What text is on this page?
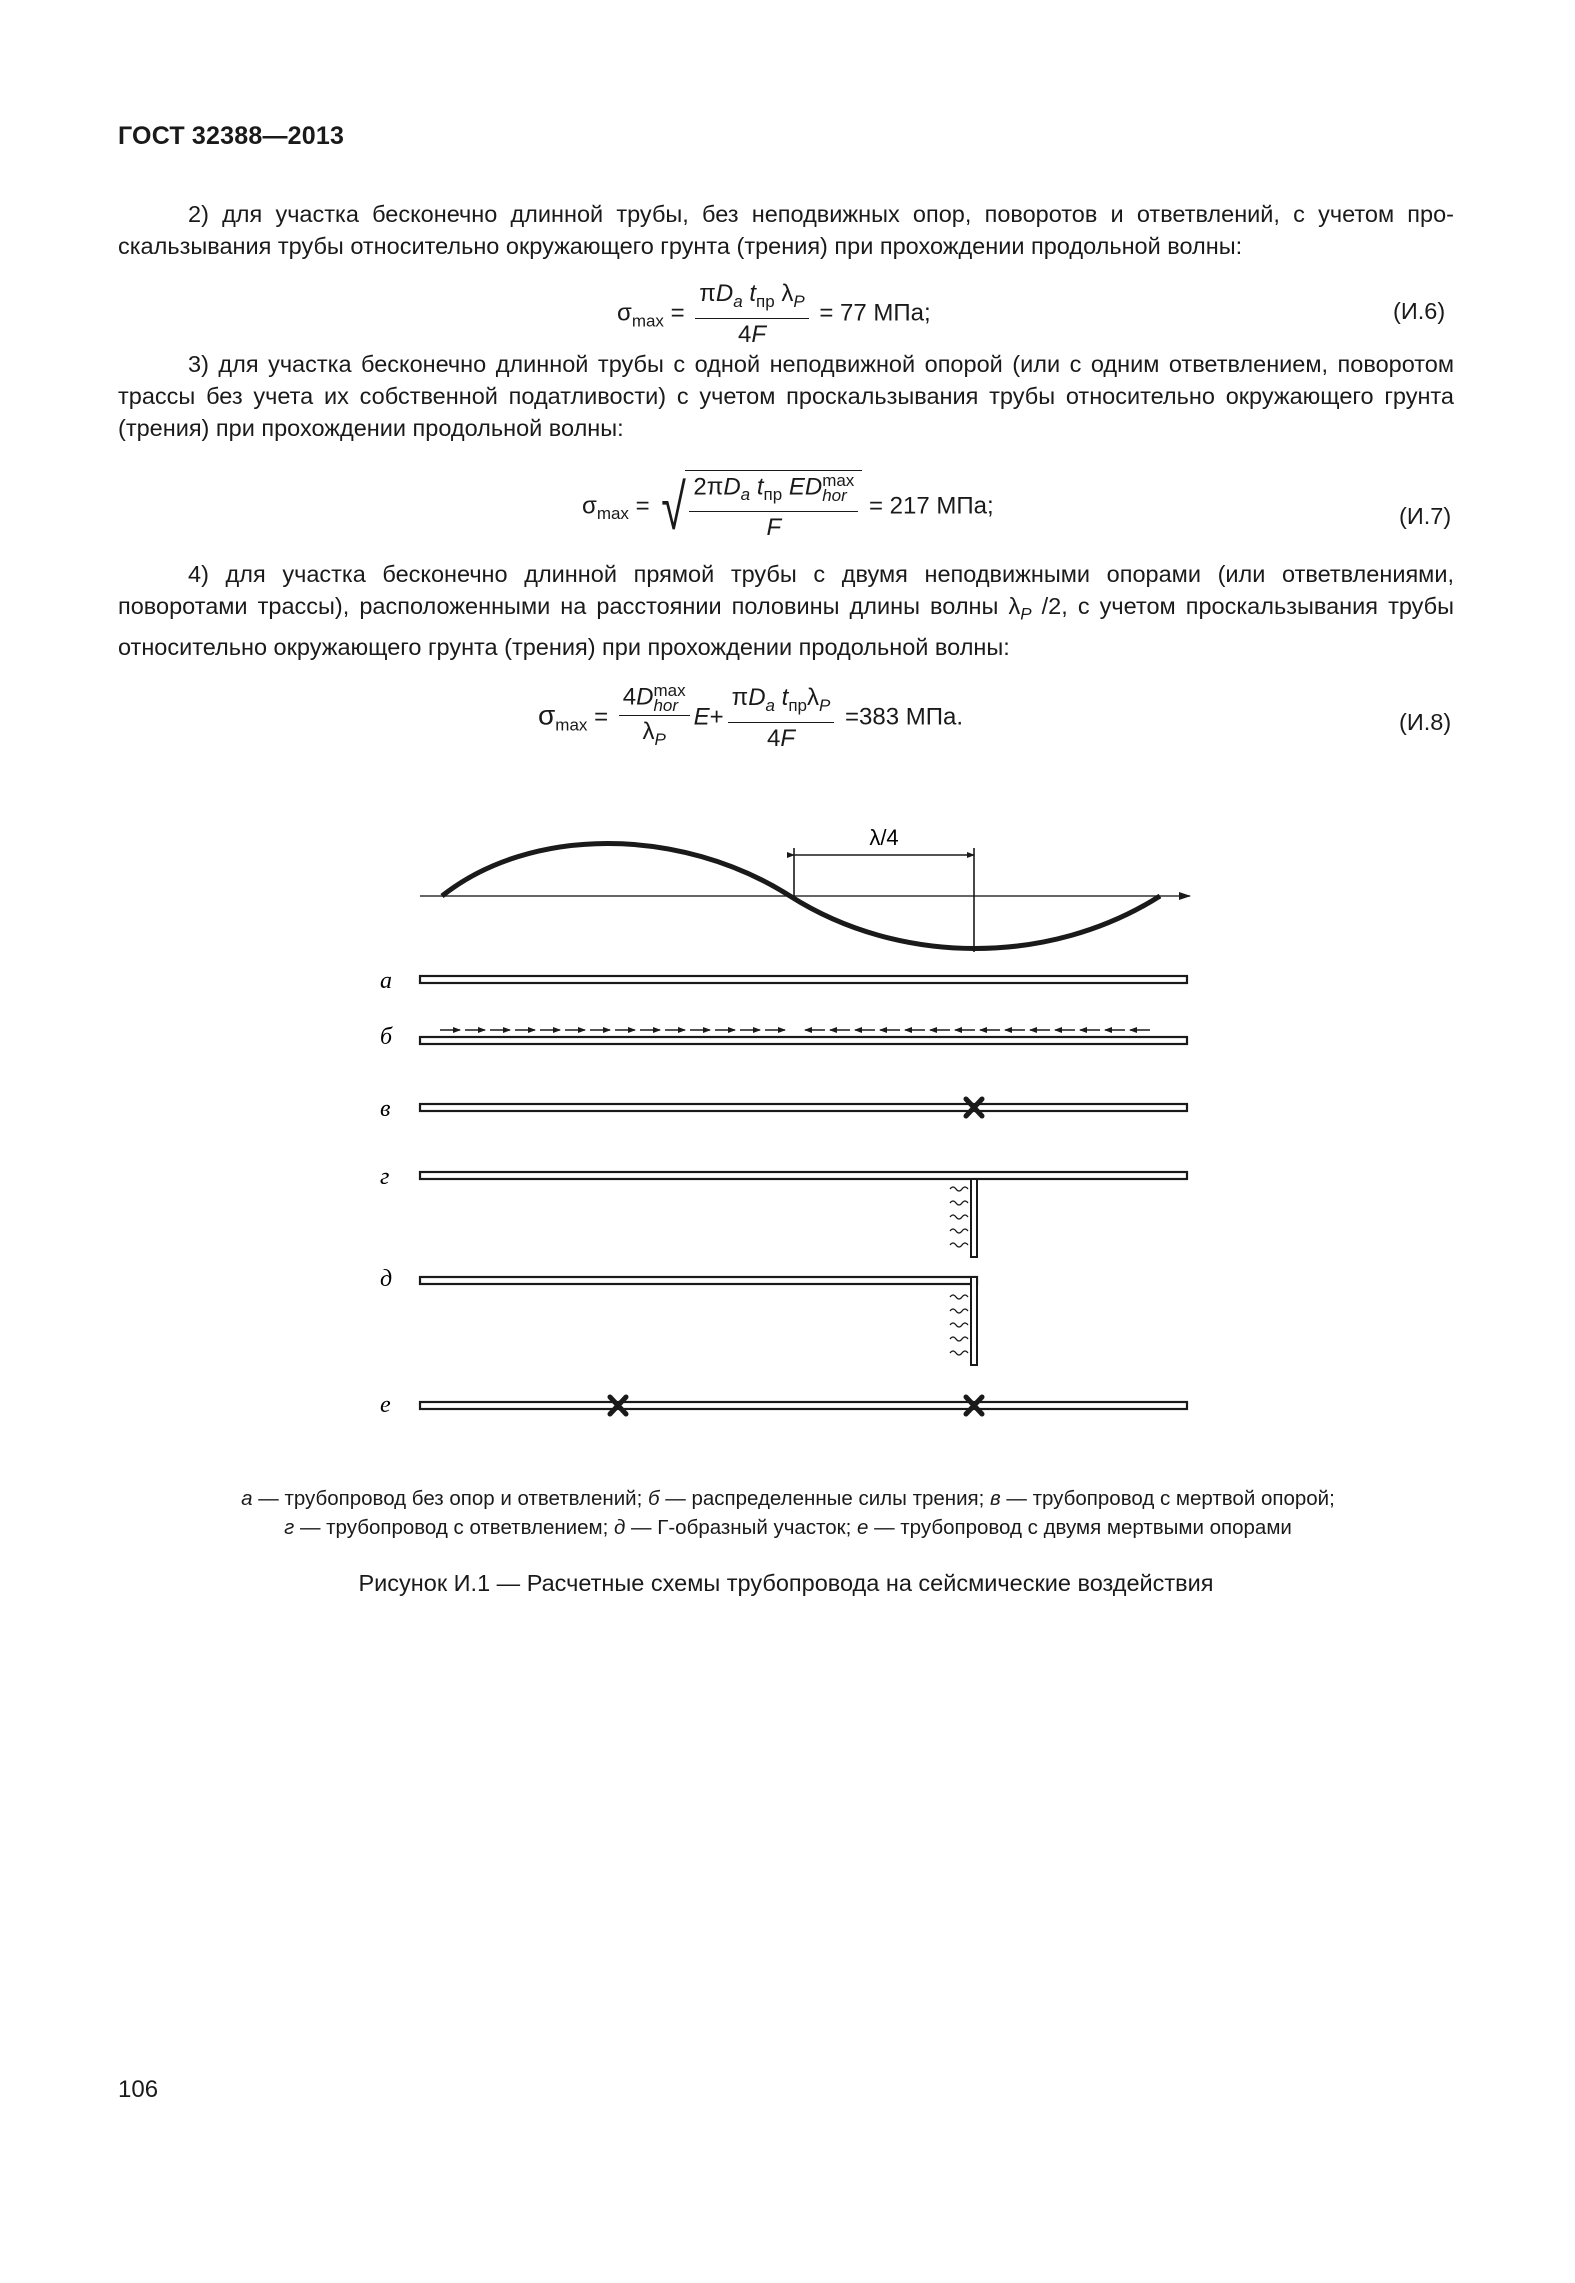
ГОСТ 32388—2013
2) для участка бесконечно длинной трубы, без неподвижных опор, поворотов и ответвлений, с учетом проскальзывания трубы относительно окружающего грунта (трения) при прохождении продольной волны:
$\sigma_{max} = \frac{\pi D_a t_{пр} \lambda_P}{4F} = 77$ МПа;	(И.6)
3) для участка бесконечно длинной трубы с одной неподвижной опорой (или с одним ответвлением, поворотом трассы без учета их собственной податливости) с учетом проскальзывания трубы относительно окружающего грунта (трения) при прохождении продольной волны:
$\sigma_{max}$ = √ $2\pi D_a$ $t_{пр}$ ED max
hor
F = 217 МПа;	(И.7)
4) для участка бесконечно длинной прямой трубы с двумя неподвижными опорами (или ответвлениями, поворотами трассы), расположенными на расстоянии половины длины волны $\lambda_P$ /2, с учетом проскальзывания трубы относительно окружающего грунта (трения) при прохождении продольной волны:
$\sigma_{max} = 4D$ max
hor
$\lambda_P$ $E+ \frac{\pi D_a t_{пр}\lambda_P}{4F} =383$ МПа.	(И.8)
λ/4
а
б
в
г
д
е
а — трубопровод без опор и ответвлений; б — распределенные силы трения; в — трубопровод с мертвой опорой;
г — трубопровод с ответвлением; д — Г-образный участок; е — трубопровод с двумя мертвыми опорами
Рисунок И.1 — Расчетные схемы трубопровода на сейсмические воздействия
106
